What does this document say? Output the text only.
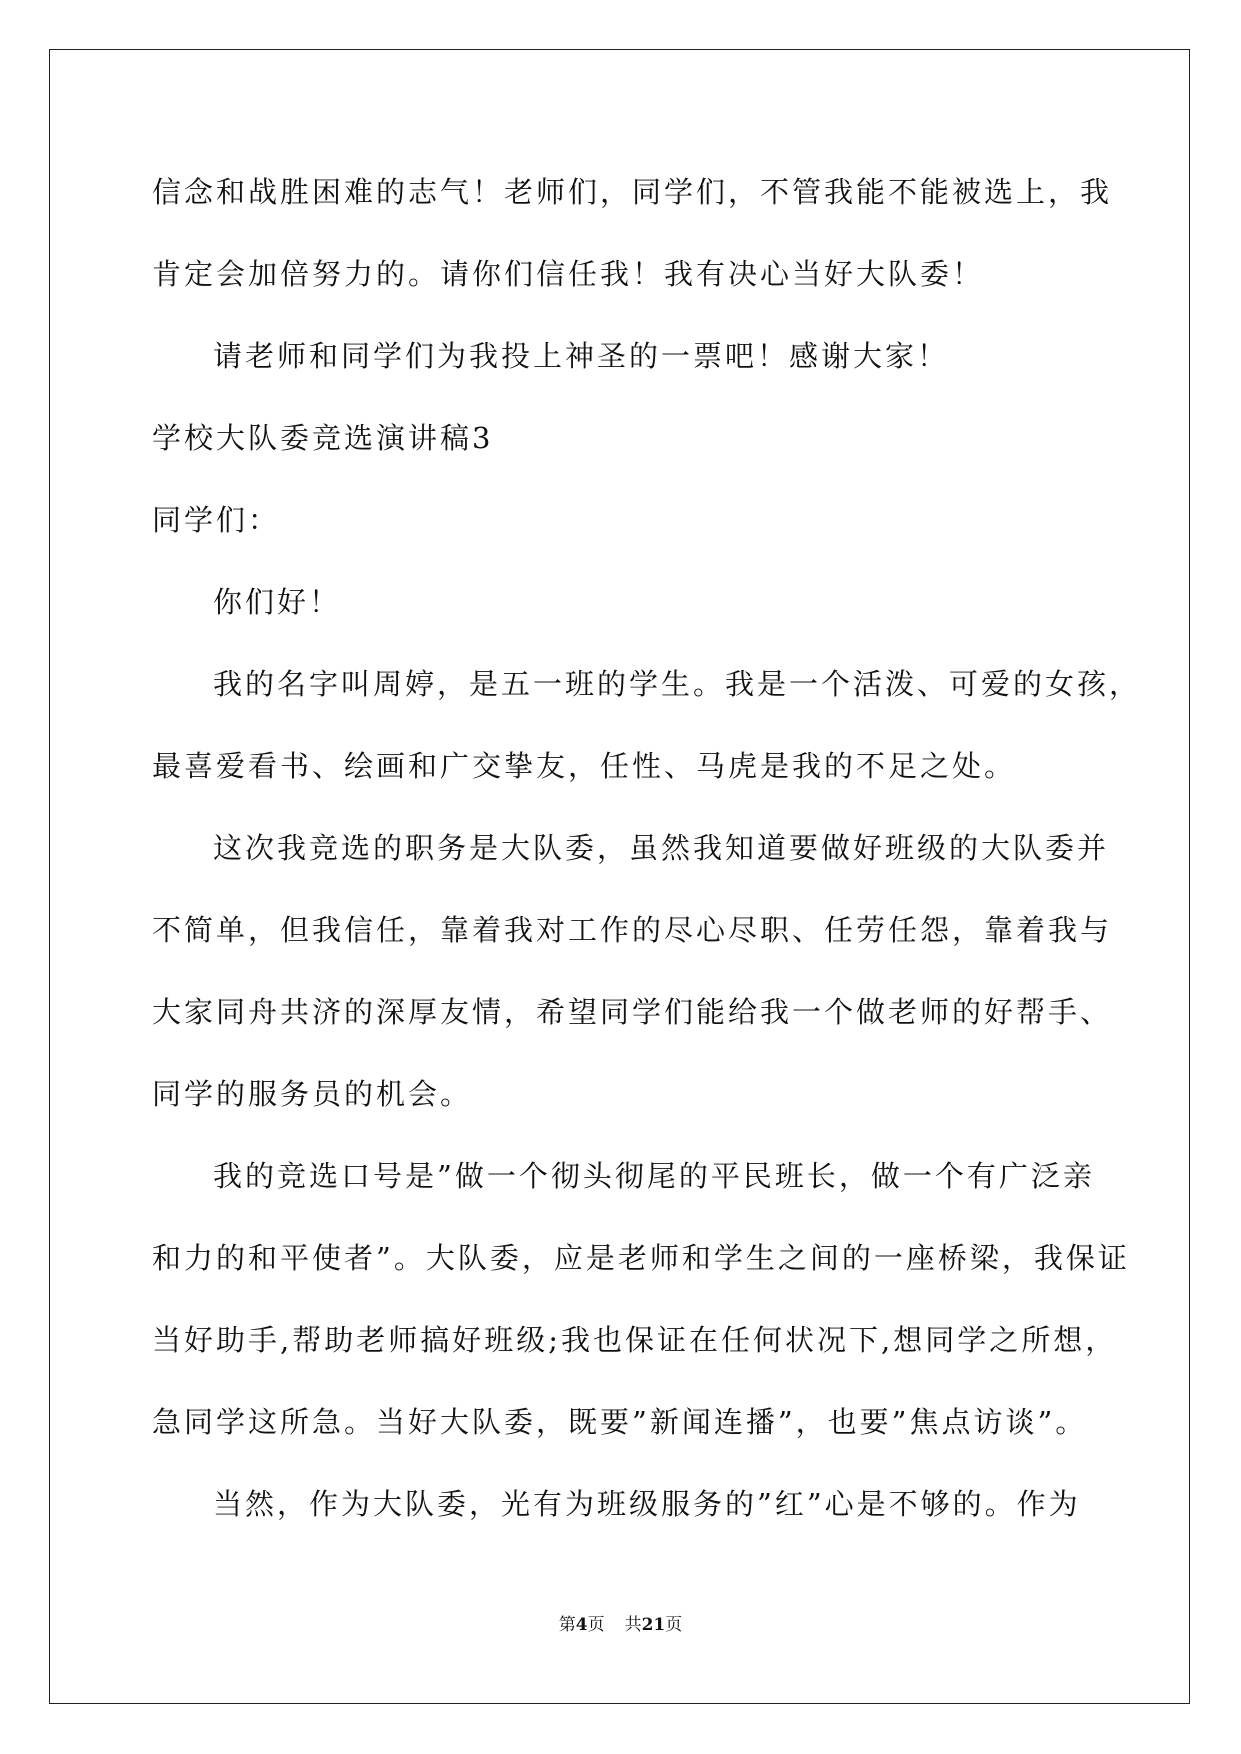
信念和战胜困难的志气！老师们，同学们，不管我能不能被选上，我
肯定会加倍努力的。请你们信任我！我有决心当好大队委！
请老师和同学们为我投上神圣的一票吧！感谢大家！
学校大队委竞选演讲稿3
同学们：
你们好！
我的名字叫周婷，是五一班的学生。我是一个活泼、可爱的女孩，
最喜爱看书、绘画和广交挚友，任性、马虎是我的不足之处。
这次我竞选的职务是大队委，虽然我知道要做好班级的大队委并
不简单，但我信任，靠着我对工作的尽心尽职、任劳任怨，靠着我与
大家同舟共济的深厚友情，希望同学们能给我一个做老师的好帮手、
同学的服务员的机会。
我的竞选口号是”做一个彻头彻尾的平民班长，做一个有广泛亲
和力的和平使者”。大队委，应是老师和学生之间的一座桥梁，我保证
当好助手,帮助老师搞好班级;我也保证在任何状况下,想同学之所想，
急同学这所急。当好大队委，既要”新闻连播”，也要”焦点访谈”。
当然，作为大队委，光有为班级服务的”红”心是不够的。作为
第4页 共21页
